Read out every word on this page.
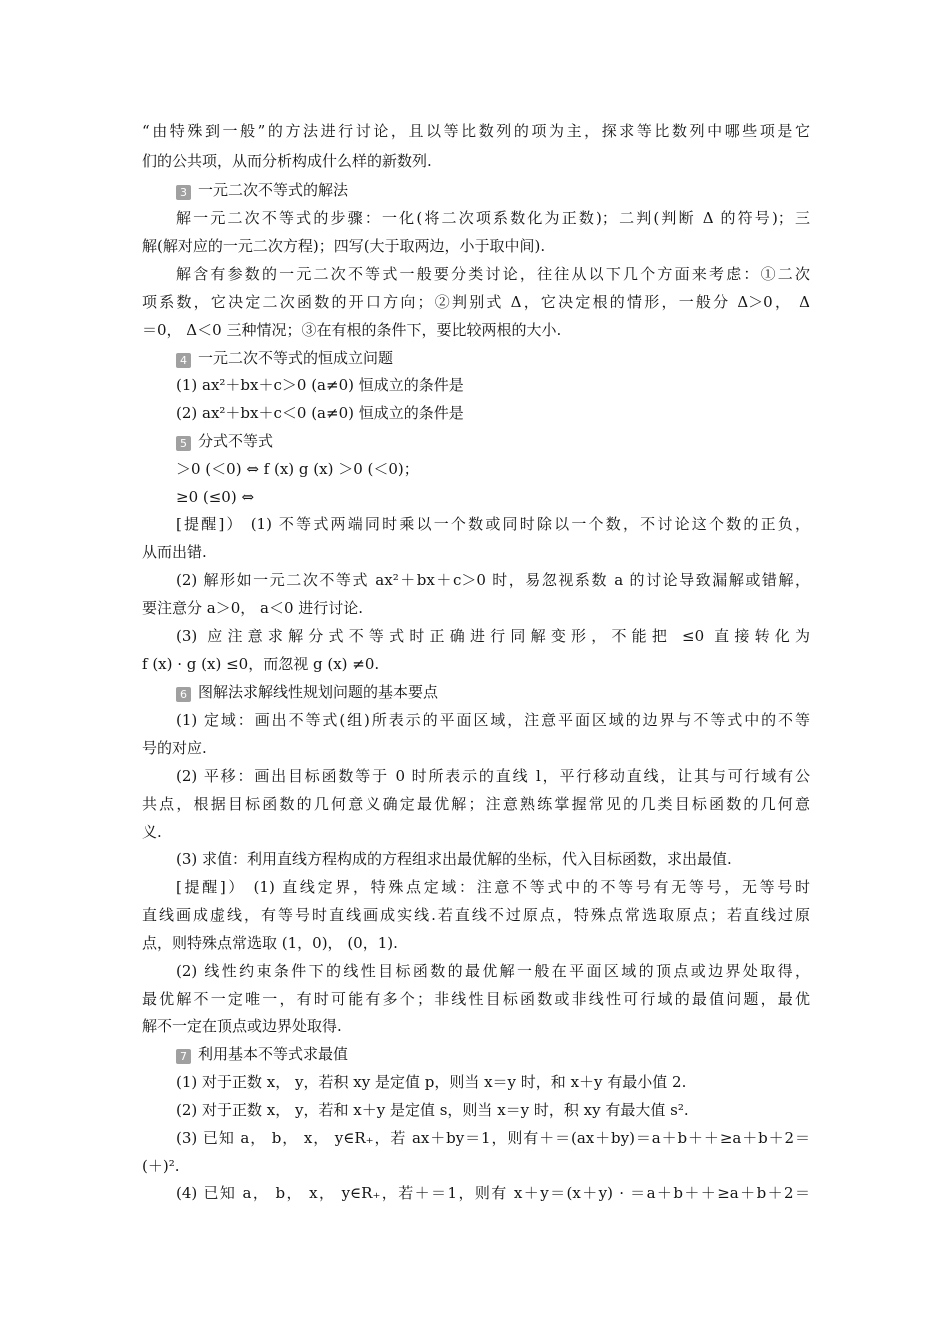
“由特殊到一般”的方法进行讨论，且以等比数列的项为主，探求等比数列中哪些项是它
们的公共项，从而分析构成什么样的新数列.
3 一元二次不等式的解法
解一元二次不等式的步骤：一化(将二次项系数化为正数)；二判(判断 Δ 的符号)；三
解(解对应的一元二次方程)；四写(大于取两边，小于取中间).
解含有参数的一元二次不等式一般要分类讨论，往往从以下几个方面来考虑：①二次
项系数，它决定二次函数的开口方向；②判别式 Δ，它决定根的情形，一般分 Δ＞0， Δ
＝0， Δ＜0 三种情况；③在有根的条件下，要比较两根的大小.
4 一元二次不等式的恒成立问题
(1) ax²＋bx＋c＞0 (a≠0) 恒成立的条件是
(2) ax²＋bx＋c＜0 (a≠0) 恒成立的条件是
5 分式不等式
＞0 (＜0) ⇔ f (x) g (x) ＞0 (＜0)；
≥0 (≤0) ⇔
[提醒]） (1) 不等式两端同时乘以一个数或同时除以一个数，不讨论这个数的正负，
从而出错.
(2) 解形如一元二次不等式 ax²＋bx＋c＞0 时，易忽视系数 a 的讨论导致漏解或错解，
要注意分 a＞0， a＜0 进行讨论.
(3) 应注意求解分式不等式时正确进行同解变形，不能把 ≤0 直接转化为
f (x) · g (x) ≤0，而忽视 g (x) ≠0.
6 图解法求解线性规划问题的基本要点
(1) 定域：画出不等式(组)所表示的平面区域，注意平面区域的边界与不等式中的不等
号的对应.
(2) 平移：画出目标函数等于 0 时所表示的直线 l，平行移动直线，让其与可行域有公
共点，根据目标函数的几何意义确定最优解；注意熟练掌握常见的几类目标函数的几何意
义.
(3) 求值：利用直线方程构成的方程组求出最优解的坐标，代入目标函数，求出最值.
[提醒]） (1) 直线定界，特殊点定域：注意不等式中的不等号有无等号，无等号时
直线画成虚线，有等号时直线画成实线.若直线不过原点，特殊点常选取原点；若直线过原
点，则特殊点常选取 (1，0)， (0，1).
(2) 线性约束条件下的线性目标函数的最优解一般在平面区域的顶点或边界处取得，
最优解不一定唯一，有时可能有多个；非线性目标函数或非线性可行域的最值问题，最优
解不一定在顶点或边界处取得.
7 利用基本不等式求最值
(1) 对于正数 x， y，若积 xy 是定值 p，则当 x＝y 时，和 x＋y 有最小值 2.
(2) 对于正数 x， y，若和 x＋y 是定值 s，则当 x＝y 时，积 xy 有最大值 s².
(3) 已知 a， b， x， y∈R₊，若 ax＋by＝1，则有＋＝(ax＋by)＝a＋b＋＋≥a＋b＋2＝
(＋)².
(4) 已知 a， b， x， y∈R₊，若＋＝1，则有 x＋y＝(x＋y) · ＝a＋b＋＋≥a＋b＋2＝
